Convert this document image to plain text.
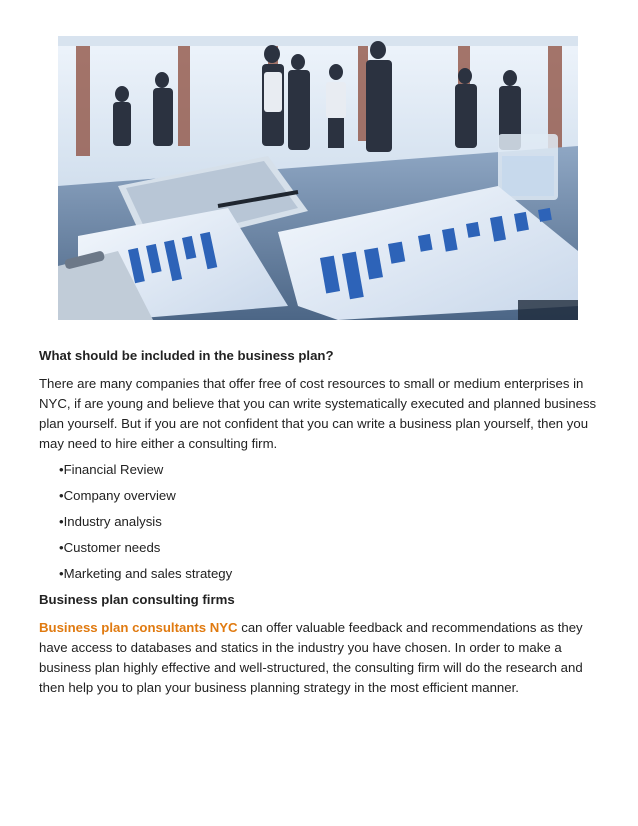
What should be included in the business plan?

There are many companies that offer free of cost resources to small or medium enterprises in NYC, if are young and believe that you can write systematically executed and planned business plan yourself. But if you are not confident that you can write a business plan yourself, then you may need to hire either a consulting firm.

•Financial Review
•Company overview
•Industry analysis
•Customer needs
•Marketing and sales strategy

Business plan consulting firms

Business plan consultants NYC can offer valuable feedback and recommendations as they have access to databases and statics in the industry you have chosen. In order to make a business plan highly effective and well-structured, the consulting firm will do the research and then help you to plan your business planning strategy in the most efficient manner.
